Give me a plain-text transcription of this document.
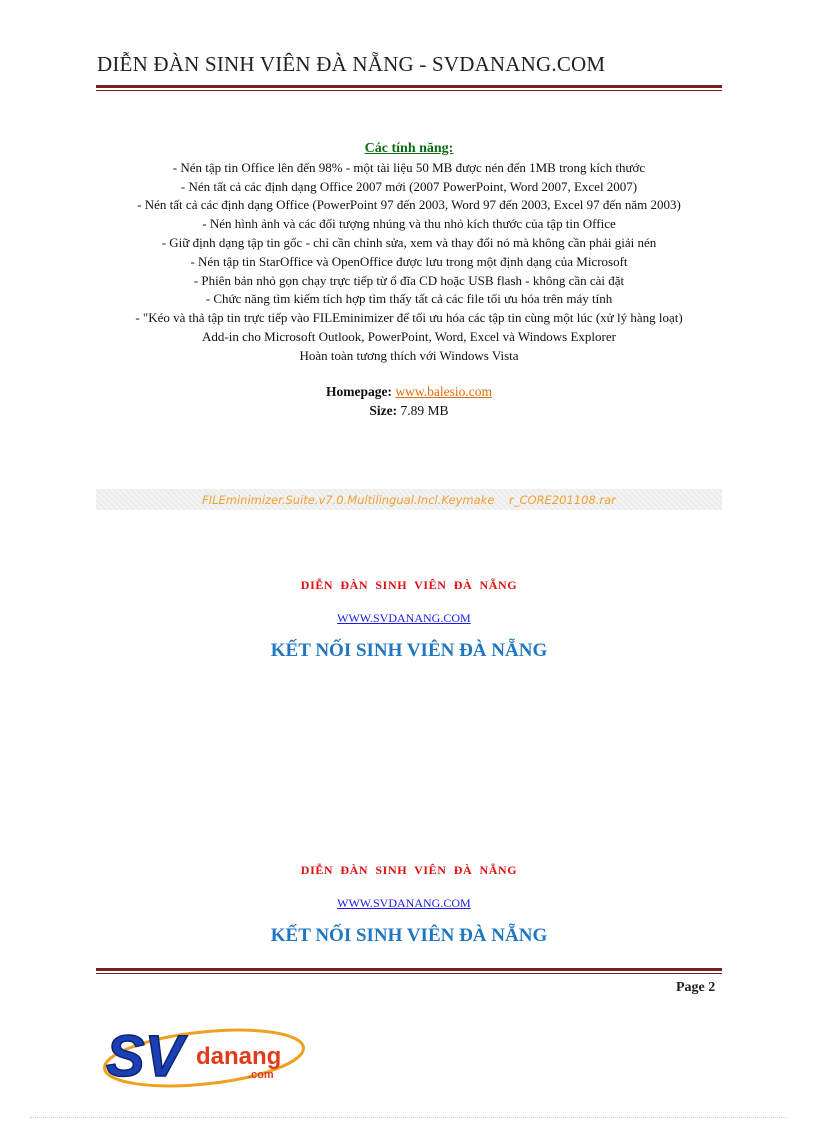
DIỄN ĐÀN SINH VIÊN ĐÀ NẴNG - SVDANANG.COM
Các tính năng:
- Nén tập tin Office lên đến 98% - một tài liệu 50 MB được nén đến 1MB trong kích thước
- Nén tất cả các định dạng Office 2007 mới (2007 PowerPoint, Word 2007, Excel 2007)
- Nén tất cả các định dạng Office (PowerPoint 97 đến 2003, Word 97 đến 2003, Excel 97 đến năm 2003)
- Nén hình ảnh và các đối tượng nhúng và thu nhỏ kích thước của tập tin Office
- Giữ định dạng tập tin gốc - chỉ cần chỉnh sửa, xem và thay đổi nó mà không cần phải giải nén
- Nén tập tin StarOffice và OpenOffice được lưu trong một định dạng của Microsoft
- Phiên bản nhỏ gọn chạy trực tiếp từ ổ đĩa CD hoặc USB flash - không cần cài đặt
- Chức năng tìm kiếm tích hợp tìm thấy tất cả các file tối ưu hóa trên máy tính
- "Kéo và thả tập tin trực tiếp vào FILEminimizer để tối ưu hóa các tập tin cùng một lúc (xử lý hàng loạt)
Add-in cho Microsoft Outlook, PowerPoint, Word, Excel và Windows Explorer
Hoàn toàn tương thích với Windows Vista
Homepage: www.balesio.com
Size: 7.89 MB
FILEminimizer.Suite.v7.0.Multilingual.Incl.Keymake    r_CORE201108.rar
DIỄN  ĐÀN  SINH  VIÊN  ĐÀ  NẴNG
WWW.SVDANANG.COM
KẾT NỐI SINH VIÊN ĐÀ NẴNG
DIỄN  ĐÀN  SINH  VIÊN  ĐÀ  NẴNG
WWW.SVDANANG.COM
KẾT NỐI SINH VIÊN ĐÀ NẴNG
Page 2
SV danang
.com
